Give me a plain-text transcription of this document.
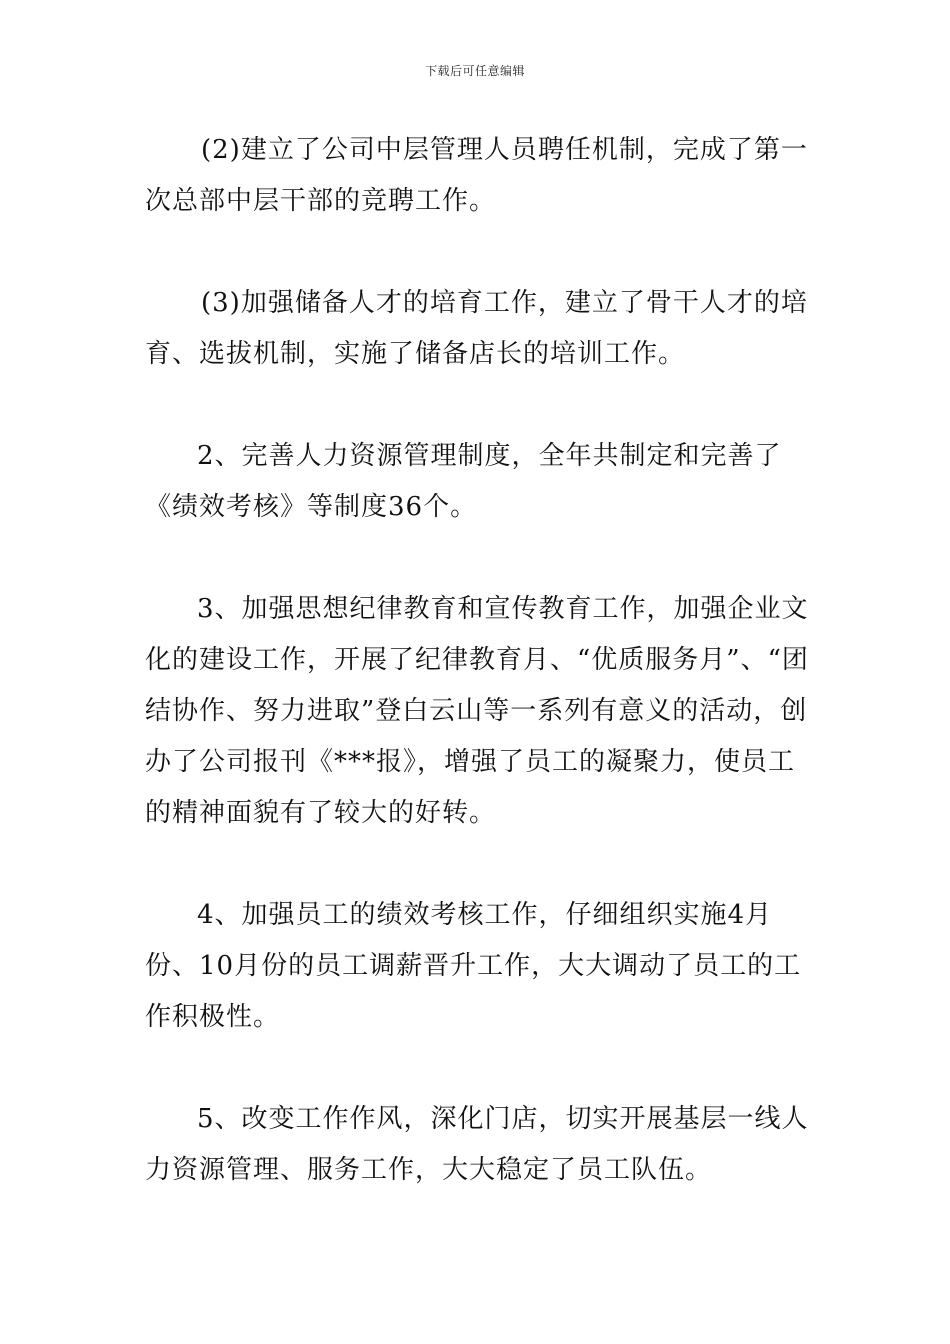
下载后可任意编辑

(2)建立了公司中层管理人员聘任机制，完成了第一次总部中层干部的竞聘工作。

(3)加强储备人才的培育工作，建立了骨干人才的培育、选拔机制，实施了储备店长的培训工作。

2、完善人力资源管理制度，全年共制定和完善了《绩效考核》等制度36个。

3、加强思想纪律教育和宣传教育工作，加强企业文化的建设工作，开展了纪律教育月、“优质服务月”、“团结协作、努力进取”登白云山等一系列有意义的活动，创办了公司报刊《***报》，增强了员工的凝聚力，使员工的精神面貌有了较大的好转。

4、加强员工的绩效考核工作，仔细组织实施4月份、10月份的员工调薪晋升工作，大大调动了员工的工作积极性。

5、改变工作作风，深化门店，切实开展基层一线人力资源管理、服务工作，大大稳定了员工队伍。
